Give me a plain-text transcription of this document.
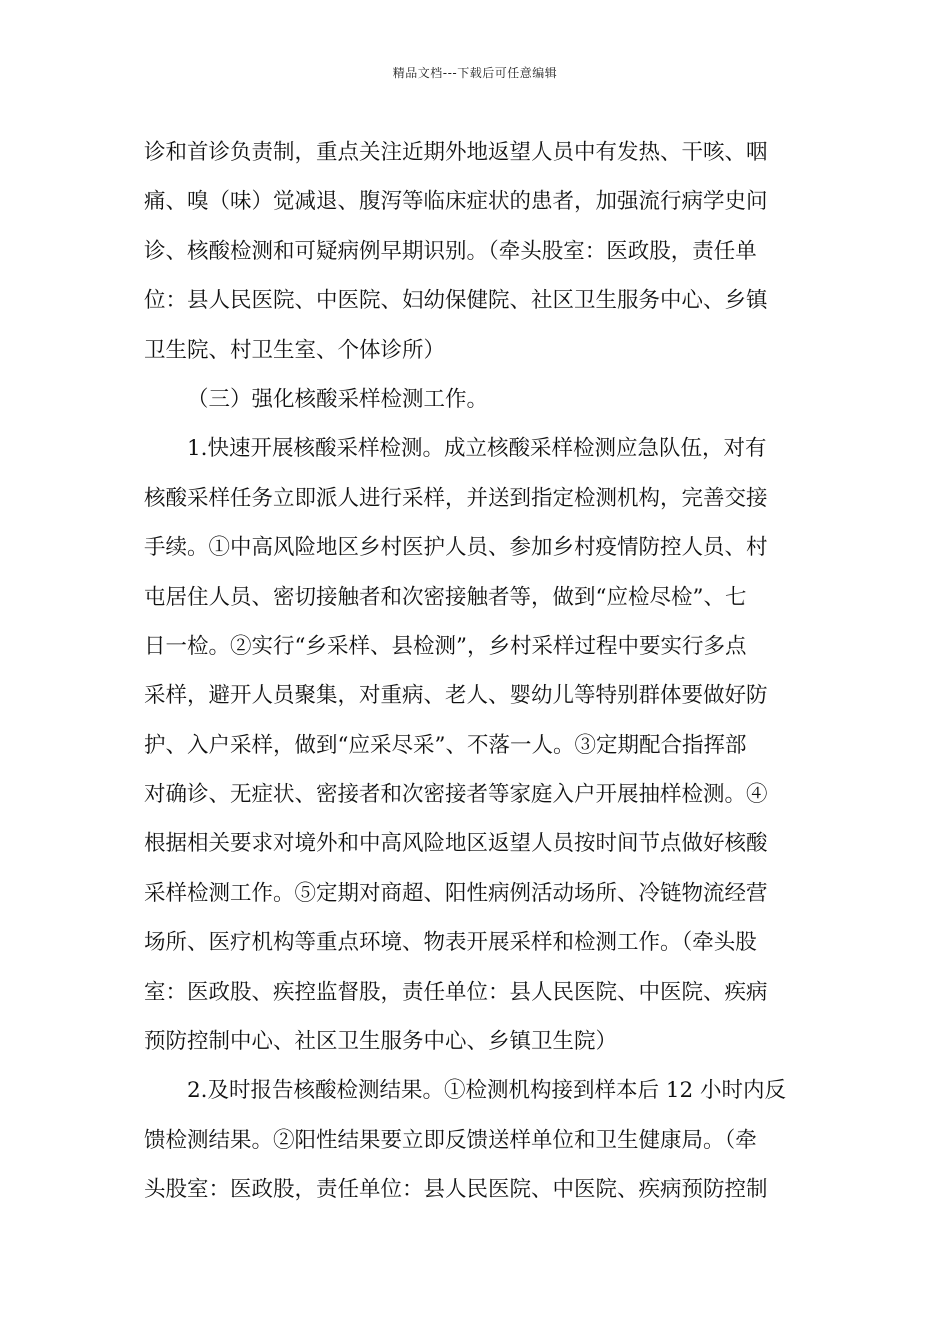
精品文档---下载后可任意编辑
诊和首诊负责制，重点关注近期外地返望人员中有发热、干咳、咽
痛、嗅（味）觉减退、腹泻等临床症状的患者，加强流行病学史问
诊、核酸检测和可疑病例早期识别。（牵头股室：医政股，责任单
位：县人民医院、中医院、妇幼保健院、社区卫生服务中心、乡镇
卫生院、村卫生室、个体诊所）
（三）强化核酸采样检测工作。
1.快速开展核酸采样检测。成立核酸采样检测应急队伍，对有
核酸采样任务立即派人进行采样，并送到指定检测机构，完善交接
手续。①中高风险地区乡村医护人员、参加乡村疫情防控人员、村
屯居住人员、密切接触者和次密接触者等，做到“应检尽检”、七
日一检。②实行“乡采样、县检测”，乡村采样过程中要实行多点
采样，避开人员聚集，对重病、老人、婴幼儿等特别群体要做好防
护、入户采样，做到“应采尽采”、不落一人。③定期配合指挥部
对确诊、无症状、密接者和次密接者等家庭入户开展抽样检测。④
根据相关要求对境外和中高风险地区返望人员按时间节点做好核酸
采样检测工作。⑤定期对商超、阳性病例活动场所、冷链物流经营
场所、医疗机构等重点环境、物表开展采样和检测工作。（牵头股
室：医政股、疾控监督股，责任单位：县人民医院、中医院、疾病
预防控制中心、社区卫生服务中心、乡镇卫生院）
2.及时报告核酸检测结果。①检测机构接到样本后 12 小时内反
馈检测结果。②阳性结果要立即反馈送样单位和卫生健康局。（牵
头股室：医政股，责任单位：县人民医院、中医院、疾病预防控制
